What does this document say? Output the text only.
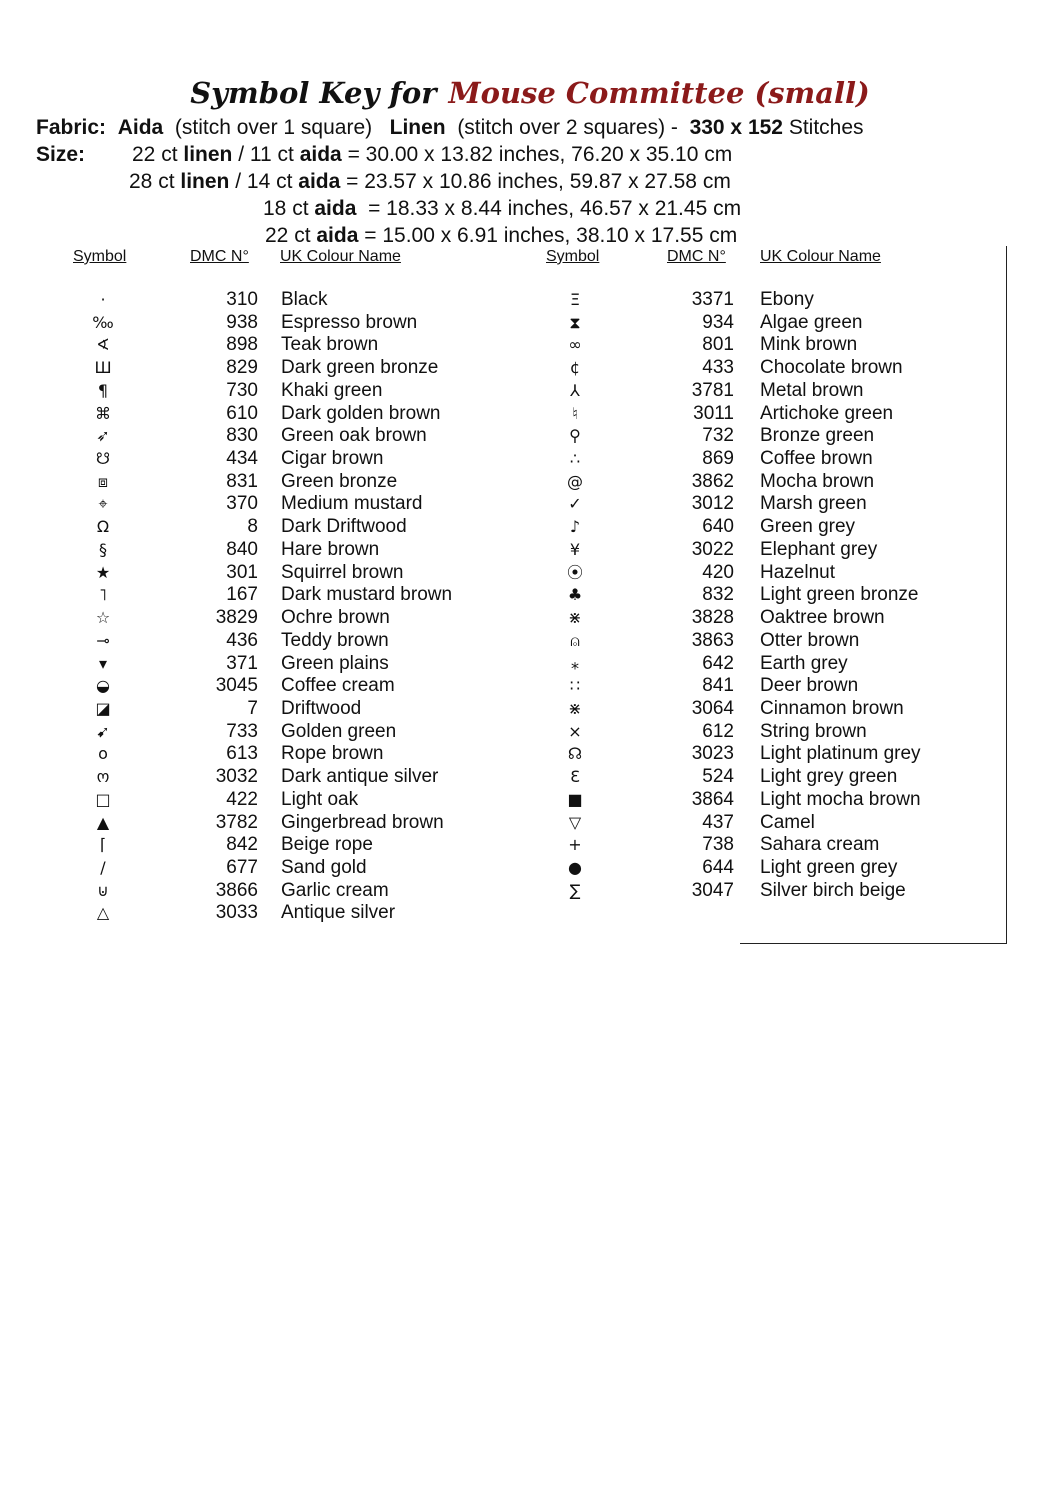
Symbol Key for Mouse Committee (small)
Fabric: Aida (stitch over 1 square) Linen (stitch over 2 squares) - 330 x 152 Stitches
Size: 22 ct linen / 11 ct aida = 30.00 x 13.82 inches, 76.20 x 35.10 cm
28 ct linen / 14 ct aida = 23.57 x 10.86 inches, 59.87 x 27.58 cm
18 ct aida  = 18.33 x 8.44 inches, 46.57 x 21.45 cm
22 ct aida = 15.00 x 6.91 inches, 38.10 x 17.55 cm
Symbol	DMC N° UK Colour Name	Symbol	DMC N° UK Colour Name
·	310 Black
‰	938 Espresso brown
∢	898 Teak brown
Ш	829 Dark green bronze
¶	730 Khaki green
⌘	610 Dark golden brown
➶	830 Green oak brown
☋	434 Cigar brown
⧈	831 Green bronze
⌖	370 Medium mustard
Ω	8 Dark Driftwood
§	840 Hare brown
★	301 Squirrel brown
˥	167 Dark mustard brown
☆	3829 Ochre brown
⊸	436 Teddy brown
▾	371 Green plains
◒	3045 Coffee cream
◪	7 Driftwood
➹	733 Golden green
o	613 Rope brown
ო	3032 Dark antique silver
□	422 Light oak
▲	3782 Gingerbread brown
⌈	842 Beige rope
/	677 Sand gold
⊍	3866 Garlic cream
△	3033 Antique silver
Ξ	3371 Ebony
⧗	934 Algae green
∞	801 Mink brown
¢	433 Chocolate brown
⅄	3781 Metal brown
♮	3011 Artichoke green
⚲	732 Bronze green
∴	869 Coffee brown
@	3862 Mocha brown
✓	3012 Marsh green
♪	640 Green grey
¥	3022 Elephant grey
⦿	420 Hazelnut
♣	832 Light green bronze
⋇	3828 Oaktree brown
⍝	3863 Otter brown
⁎	642 Earth grey
∷	841 Deer brown
⋇	3064 Cinnamon brown
×	612 String brown
☊	3023 Light platinum grey
Ɛ	524 Light grey green
■	3864 Light mocha brown
▽	437 Camel
+	738 Sahara cream
●	644 Light green grey
∑	3047 Silver birch beige
